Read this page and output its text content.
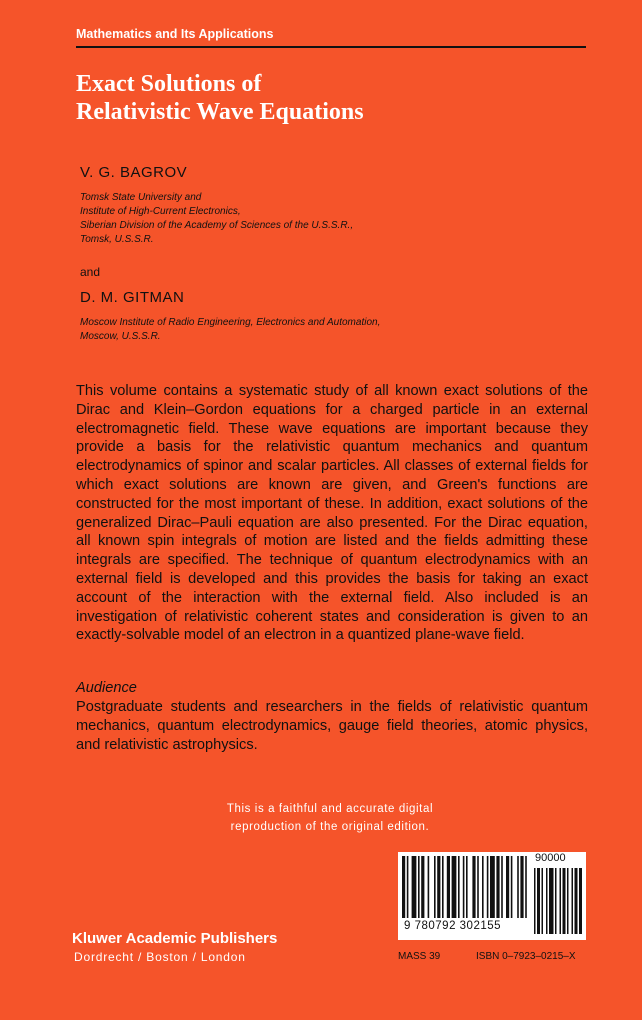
Mathematics and Its Applications
Exact Solutions of
Relativistic Wave Equations
V. G. BAGROV
Tomsk State University and
Institute of High-Current Electronics,
Siberian Division of the Academy of Sciences of the U.S.S.R.,
Tomsk, U.S.S.R.
and
D. M. GITMAN
Moscow Institute of Radio Engineering, Electronics and Automation,
Moscow, U.S.S.R.
This volume contains a systematic study of all known exact solutions of the Dirac and Klein–Gordon equations for a charged particle in an external electromagnetic field. These wave equations are important because they provide a basis for the relativistic quantum mechanics and quantum electrodynamics of spinor and scalar particles. All classes of external fields for which exact solutions are known are given, and Green's functions are constructed for the most important of these. In addition, exact solutions of the generalized Dirac–Pauli equation are also presented. For the Dirac equation, all known spin integrals of motion are listed and the fields admitting these integrals are specified. The technique of quantum electrodynamics with an external field is developed and this provides the basis for taking an exact account of the interaction with the external field. Also included is an investigation of relativistic coherent states and consideration is given to an exactly-solvable model of an electron in a quantized plane-wave field.
Audience
Postgraduate students and researchers in the fields of relativistic quantum mechanics, quantum electrodynamics, gauge field theories, atomic physics, and relativistic astrophysics.
This is a faithful and accurate digital
reproduction of the original edition.
Kluwer Academic Publishers
Dordrecht / Boston / London
90000
9 780792 302155
MASS 39	ISBN 0–7923–0215–X
